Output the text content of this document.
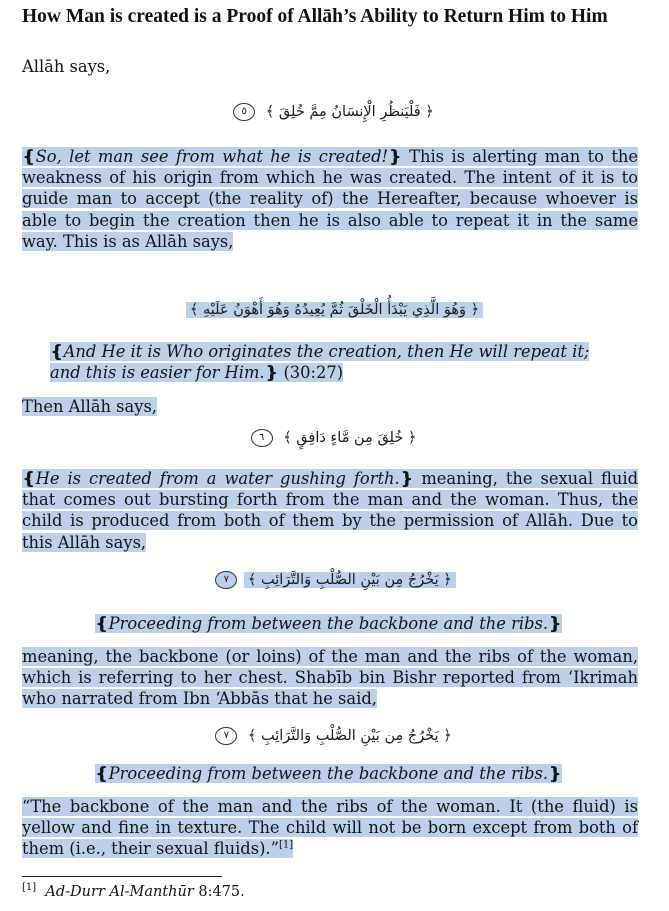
How Man is created is a Proof of Allāh’s Ability to Return Him to Him

Allāh says,

﴿ فَلْيَنظُرِ الْإِنسَانُ مِمَّ خُلِقَ ﴾ ٥

❴So, let man see from what he is created!❵ This is alerting man to the weakness of his origin from which he was created. The intent of it is to guide man to accept (the reality of) the Hereafter, because whoever is able to begin the creation then he is also able to repeat it in the same way. This is as Allāh says,

﴿ وَهُوَ الَّذِي يَبْدَأُ الْخَلْقَ ثُمَّ يُعِيدُهُ وَهُوَ أَهْوَنُ عَلَيْهِ ﴾

❴And He it is Who originates the creation, then He will repeat it; and this is easier for Him.❵ (30:27)

Then Allāh says,

﴿ خُلِقَ مِن مَّاءٍ دَافِقٍ ﴾ ٦

❴He is created from a water gushing forth.❵ meaning, the sexual fluid that comes out bursting forth from the man and the woman. Thus, the child is produced from both of them by the permission of Allāh. Due to this Allāh says,

﴿ يَخْرُجُ مِن بَيْنِ الصُّلْبِ وَالتَّرَائِبِ ﴾ ٧

❴Proceeding from between the backbone and the ribs.❵

meaning, the backbone (or loins) of the man and the ribs of the woman, which is referring to her chest. Shabīb bin Bishr reported from ‘Ikrimah who narrated from Ibn ‘Abbās that he said,

﴿ يَخْرُجُ مِن بَيْنِ الصُّلْبِ وَالتَّرَائِبِ ﴾ ٧

❴Proceeding from between the backbone and the ribs.❵

“The backbone of the man and the ribs of the woman. It (the fluid) is yellow and fine in texture. The child will not be born except from both of them (i.e., their sexual fluids).”[1]

[1] Ad-Durr Al-Manthūr 8:475.
